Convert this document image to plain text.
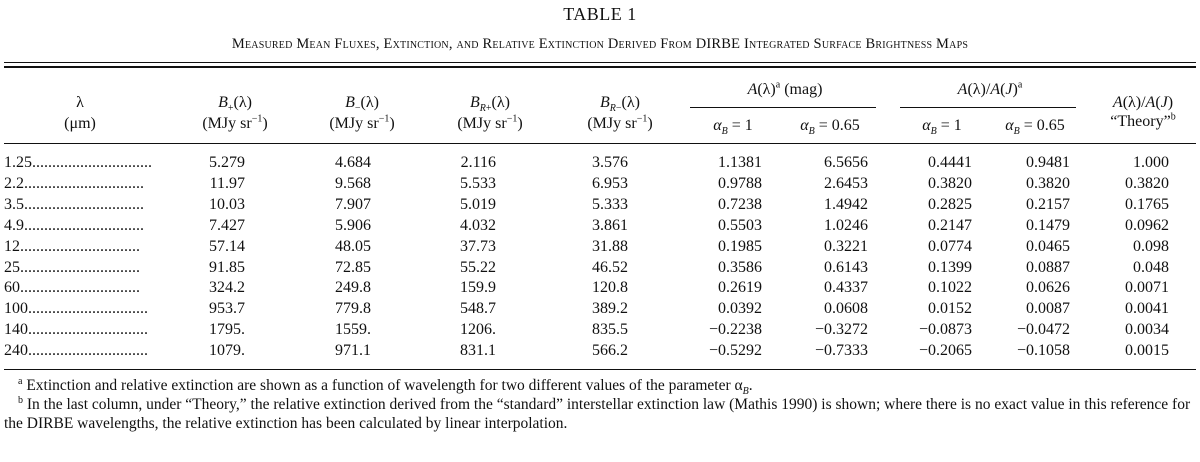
TABLE 1
Measured Mean Fluxes, Extinction, and Relative Extinction Derived From DIRBE Integrated Surface Brightness Maps
λ
(μm)
$B_+(\lambda)$
(MJy $sr^{-1}$)
$B_-(\lambda)$
(MJy $sr^{-1}$)
$B_{R+}(\lambda)$
(MJy $sr^{-1}$)
$B_{R-}(\lambda)$
(MJy $sr^{-1}$)
$A(\lambda)^a$ (mag)
$\alpha_B = 1$	$\alpha_B = 0.65$
$A(\lambda)/A(J)^a$
$\alpha_B = 1$	$\alpha_B = 0.65$
A(λ)/A(J)
“Theory”$^b$
1.25..............................	5.279	4.684	2.116	3.576	1.1381	6.5656	0.4441	0.9481	1.000
2.2..............................	11.97	9.568	5.533	6.953	0.9788	2.6453	0.3820	0.3820	0.3820
3.5..............................	10.03	7.907	5.019	5.333	0.7238	1.4942	0.2825	0.2157	0.1765
4.9..............................	7.427	5.906	4.032	3.861	0.5503	1.0246	0.2147	0.1479	0.0962
12..............................	57.14	48.05	37.73	31.88	0.1985	0.3221	0.0774	0.0465	0.098
25..............................	91.85	72.85	55.22	46.52	0.3586	0.6143	0.1399	0.0887	0.048
60..............................	324.2	249.8	159.9	120.8	0.2619	0.4337	0.1022	0.0626	0.0071
100..............................	953.7	779.8	548.7	389.2	0.0392	0.0608	0.0152	0.0087	0.0041
140..............................	1795.	1559.	1206.	835.5	−0.2238	−0.3272	−0.0873	−0.0472	0.0034
240..............................	1079.	971.1	831.1	566.2	−0.5292	−0.7333	−0.2065	−0.1058	0.0015

$^a$ Extinction and relative extinction are shown as a function of wavelength for two different values of the parameter $\alpha_B$.

$^b$ In the last column, under “Theory,” the relative extinction derived from the “standard” interstellar extinction law (Mathis 1990) is shown; where there is no exact value in this reference for the DIRBE wavelengths, the relative extinction has been calculated by linear interpolation.
